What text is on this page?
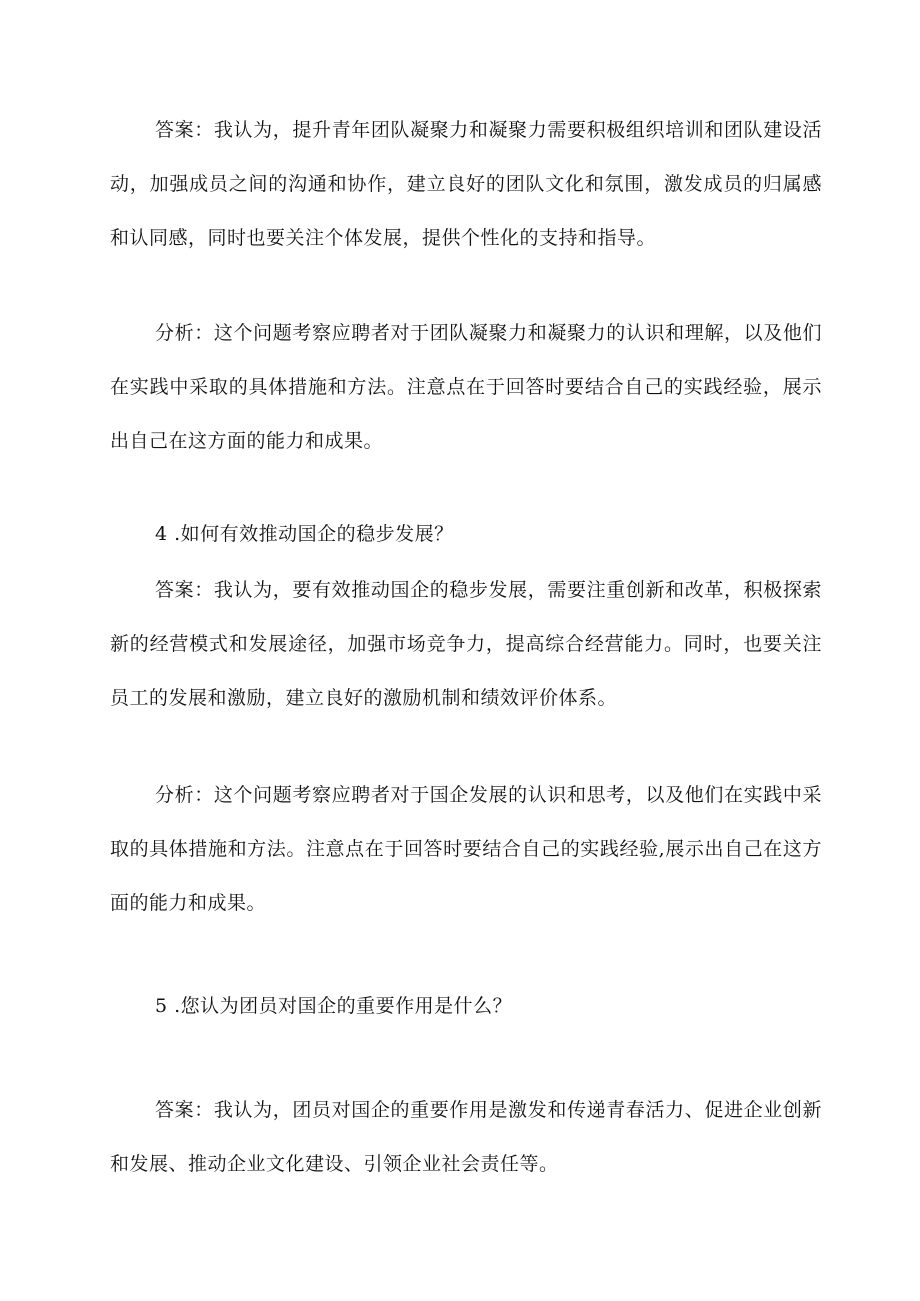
答案：我认为，提升青年团队凝聚力和凝聚力需要积极组织培训和团队建设活动，加强成员之间的沟通和协作，建立良好的团队文化和氛围，激发成员的归属感和认同感，同时也要关注个体发展，提供个性化的支持和指导。

分析：这个问题考察应聘者对于团队凝聚力和凝聚力的认识和理解，以及他们在实践中采取的具体措施和方法。注意点在于回答时要结合自己的实践经验，展示出自己在这方面的能力和成果。

4 .如何有效推动国企的稳步发展？

答案：我认为，要有效推动国企的稳步发展，需要注重创新和改革，积极探索新的经营模式和发展途径，加强市场竞争力，提高综合经营能力。同时，也要关注员工的发展和激励，建立良好的激励机制和绩效评价体系。

分析：这个问题考察应聘者对于国企发展的认识和思考，以及他们在实践中采取的具体措施和方法。注意点在于回答时要结合自己的实践经验,展示出自己在这方面的能力和成果。

5 .您认为团员对国企的重要作用是什么？

答案：我认为，团员对国企的重要作用是激发和传递青春活力、促进企业创新和发展、推动企业文化建设、引领企业社会责任等。
